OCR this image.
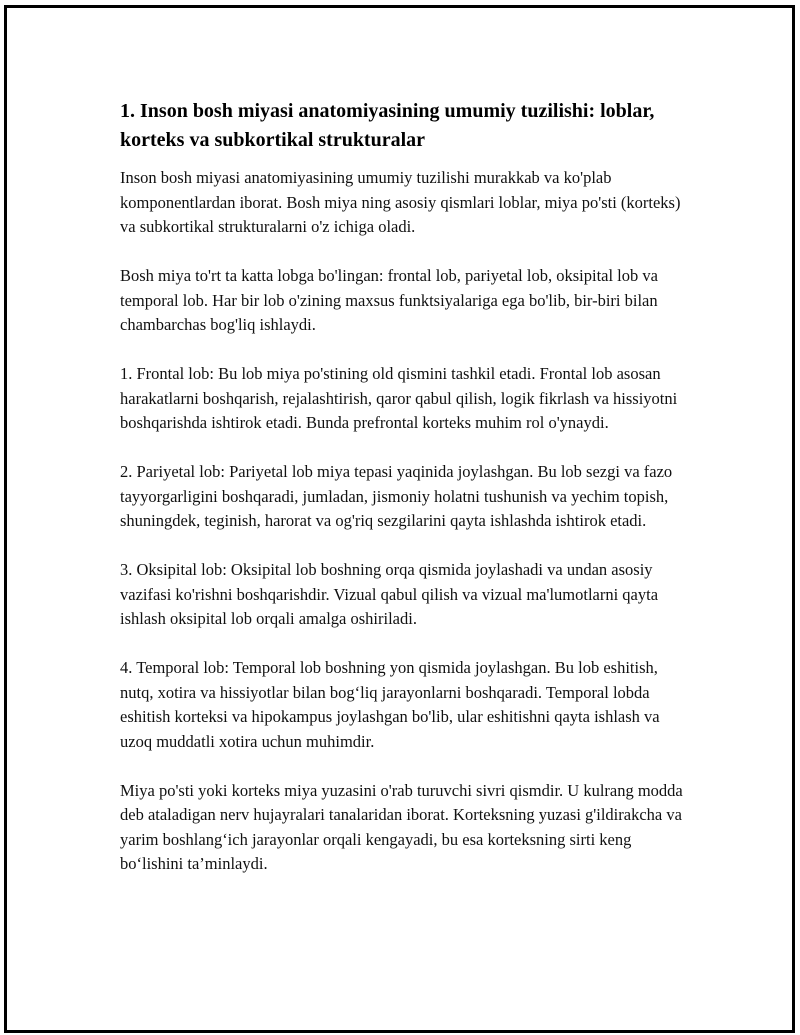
1. Inson bosh miyasi anatomiyasining umumiy tuzilishi: loblar, korteks va subkortikal strukturalar

Inson bosh miyasi anatomiyasining umumiy tuzilishi murakkab va ko'plab komponentlardan iborat. Bosh miya ning asosiy qismlari loblar, miya po'sti (korteks) va subkortikal strukturalarni o'z ichiga oladi.

Bosh miya to'rt ta katta lobga bo'lingan: frontal lob, pariyetal lob, oksipital lob va temporal lob. Har bir lob o'zining maxsus funktsiyalariga ega bo'lib, bir-biri bilan chambarchas bog'liq ishlaydi.

1. Frontal lob: Bu lob miya po'stining old qismini tashkil etadi. Frontal lob asosan harakatlarni boshqarish, rejalashtirish, qaror qabul qilish, logik fikrlash va hissiyotni boshqarishda ishtirok etadi. Bunda prefrontal korteks muhim rol o'ynaydi.

2. Pariyetal lob: Pariyetal lob miya tepasi yaqinida joylashgan. Bu lob sezgi va fazo tayyorgarligini boshqaradi, jumladan, jismoniy holatni tushunish va yechim topish, shuningdek, teginish, harorat va og'riq sezgilarini qayta ishlashda ishtirok etadi.

3. Oksipital lob: Oksipital lob boshning orqa qismida joylashadi va undan asosiy vazifasi ko'rishni boshqarishdir. Vizual qabul qilish va vizual ma'lumotlarni qayta ishlash oksipital lob orqali amalga oshiriladi.

4. Temporal lob: Temporal lob boshning yon qismida joylashgan. Bu lob eshitish, nutq, xotira va hissiyotlar bilan bog‘liq jarayonlarni boshqaradi. Temporal lobda eshitish korteksi va hipokampus joylashgan bo'lib, ular eshitishni qayta ishlash va uzoq muddatli xotira uchun muhimdir.

Miya po'sti yoki korteks miya yuzasini o'rab turuvchi sivri qismdir. U kulrang modda deb ataladigan nerv hujayralari tanalaridan iborat. Korteksning yuzasi g'ildirakcha va yarim boshlang‘ich jarayonlar orqali kengayadi, bu esa korteksning sirti keng bo‘lishini ta’minlaydi.
